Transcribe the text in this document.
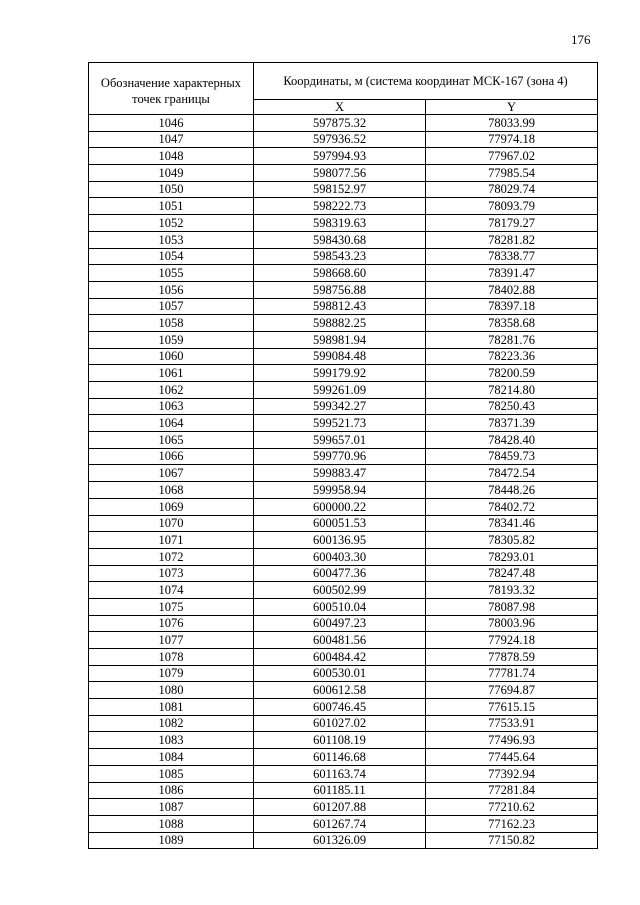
176
Обозначение характерных точек границы	Координаты, м (система координат МСК-167 (зона 4)	
	X	Y
1046	597875.32	78033.99
1047	597936.52	77974.18
1048	597994.93	77967.02
1049	598077.56	77985.54
1050	598152.97	78029.74
1051	598222.73	78093.79
1052	598319.63	78179.27
1053	598430.68	78281.82
1054	598543.23	78338.77
1055	598668.60	78391.47
1056	598756.88	78402.88
1057	598812.43	78397.18
1058	598882.25	78358.68
1059	598981.94	78281.76
1060	599084.48	78223.36
1061	599179.92	78200.59
1062	599261.09	78214.80
1063	599342.27	78250.43
1064	599521.73	78371.39
1065	599657.01	78428.40
1066	599770.96	78459.73
1067	599883.47	78472.54
1068	599958.94	78448.26
1069	600000.22	78402.72
1070	600051.53	78341.46
1071	600136.95	78305.82
1072	600403.30	78293.01
1073	600477.36	78247.48
1074	600502.99	78193.32
1075	600510.04	78087.98
1076	600497.23	78003.96
1077	600481.56	77924.18
1078	600484.42	77878.59
1079	600530.01	77781.74
1080	600612.58	77694.87
1081	600746.45	77615.15
1082	601027.02	77533.91
1083	601108.19	77496.93
1084	601146.68	77445.64
1085	601163.74	77392.94
1086	601185.11	77281.84
1087	601207.88	77210.62
1088	601267.74	77162.23
1089	601326.09	77150.82
